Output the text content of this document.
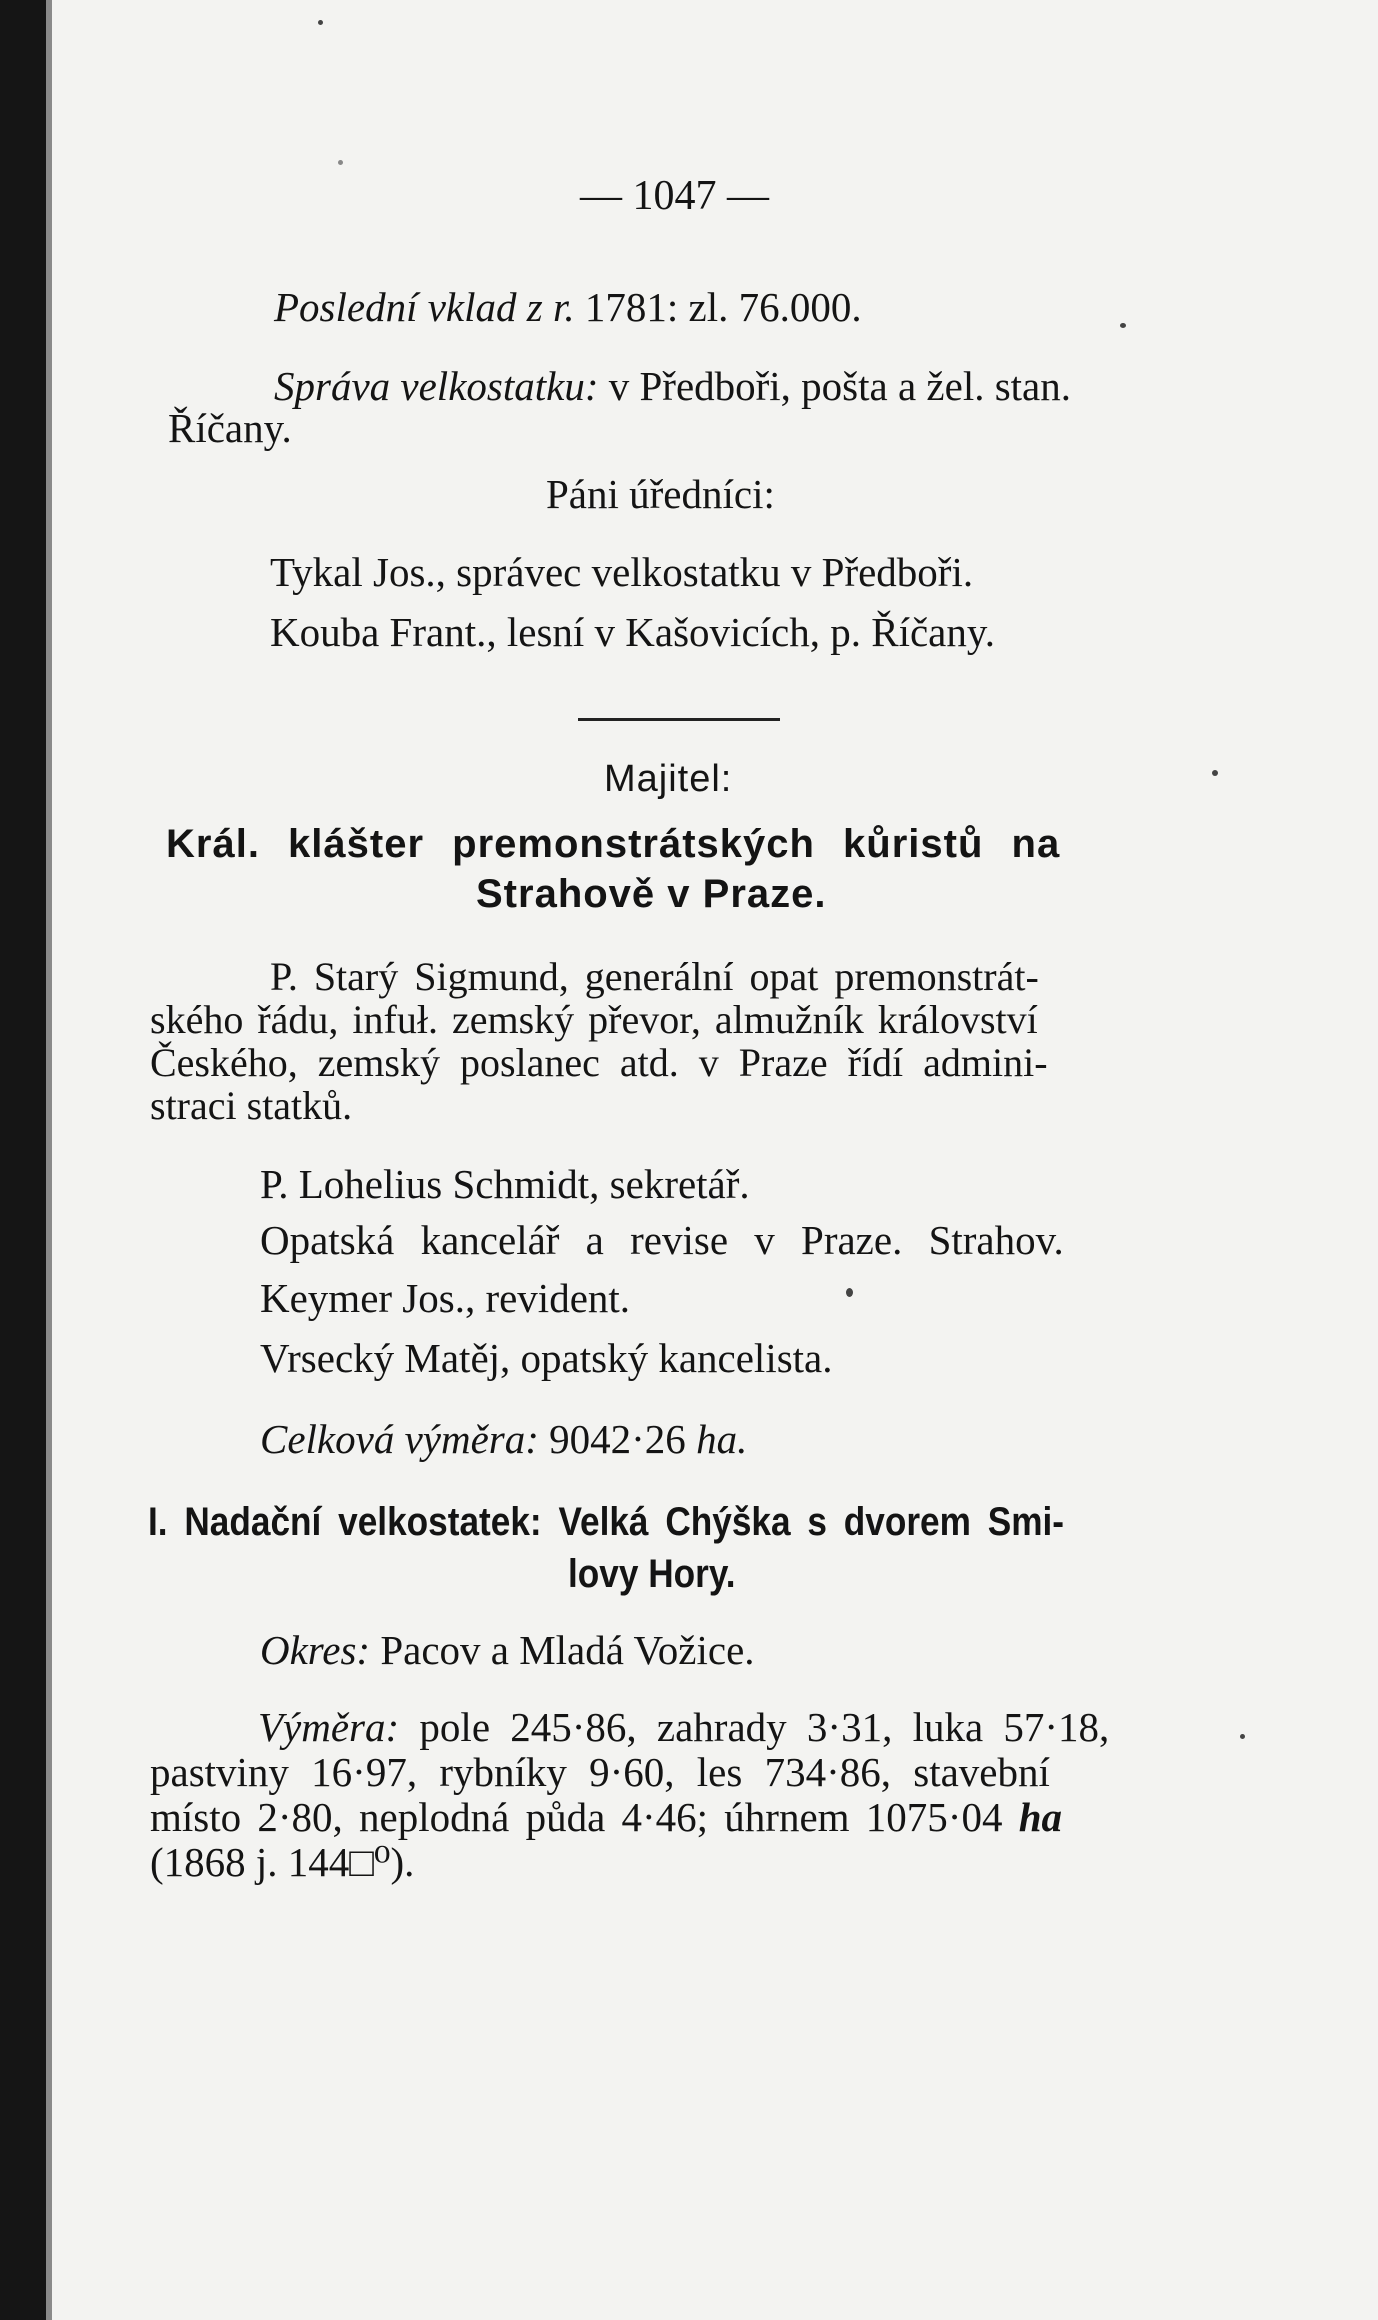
— 1047 —
Poslední vklad z r. 1781: zl. 76.000.
Správa velkostatku: v Předboři, pošta a žel. stan.
Říčany.
Páni úředníci:
Tykal Jos., správec velkostatku v Předboři.
Kouba Frant., lesní v Kašovicích, p. Říčany.
Majitel:
Král. klášter premonstrátských kůristů na
Strahově v Praze.
P. Starý Sigmund, generální opat premonstrát-
ského řádu, infuł. zemský převor, almužník království
Českého, zemský poslanec atd. v Praze řídí admini-
straci statků.
P. Lohelius Schmidt, sekretář.
Opatská kancelář a revise v Praze. Strahov.
Keymer Jos., revident.
Vrsecký Matěj, opatský kancelista.
Celková výměra: 9042·26 ha.
I. Nadační velkostatek: Velká Chýška s dvorem Smi-
lovy Hory.
Okres: Pacov a Mladá Vožice.
Výměra: pole 245·86, zahrady 3·31, luka 57·18,
pastviny 16·97, rybníky 9·60, les 734·86, stavební
místo 2·80, neplodná půda 4·46; úhrnem 1075·04 ha
(1868 j. 144□⁰).
